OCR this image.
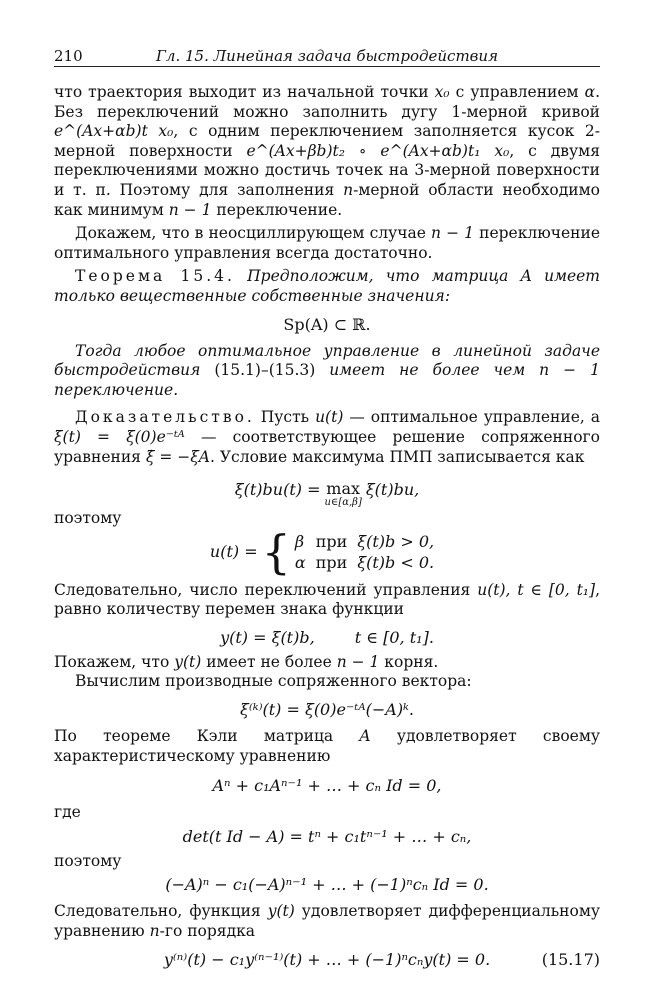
210	Гл. 15. Линейная задача быстродействия

что траектория выходит из начальной точки x₀ с управлением α. Без переключений можно заполнить дугу 1-мерной кривой e^(Ax+αb)t x₀, с одним переключением заполняется кусок 2-мерной поверхности e^(Ax+βb)t₂ ∘ e^(Ax+αb)t₁ x₀, с двумя переключениями можно достичь точек на 3-мерной поверхности и т. п. Поэтому для заполнения n-мерной области необходимо как минимум n − 1 переключение.

Докажем, что в неосциллирующем случае n − 1 переключение оптимального управления всегда достаточно.

Теорема 15.4. Предположим, что матрица A имеет только вещественные собственные значения:

Sp(A) ⊂ ℝ.

Тогда любое оптимальное управление в линейной задаче быстродействия (15.1)–(15.3) имеет не более чем n − 1 переключение.

Доказательство. Пусть u(t) — оптимальное управление, а ξ(t) = ξ(0)e⁻ᵗᴬ — соответствующее решение сопряженного уравнения ξ̇ = −ξA. Условие максимума ПМП записывается как

ξ(t)bu(t) = max
u∈[α,β]
ξ(t)bu,

поэтому

u(t) = { β	при	ξ(t)b > 0,
α	при	ξ(t)b < 0.

Следовательно, число переключений управления u(t), t ∈ [0, t₁], равно количеству перемен знака функции

y(t) = ξ(t)b,	t ∈ [0, t₁].

Покажем, что y(t) имеет не более n − 1 корня.

Вычислим производные сопряженного вектора:

ξ⁽ᵏ⁾(t) = ξ(0)e⁻ᵗᴬ(−A)ᵏ.

По теореме Кэли матрица A удовлетворяет своему характеристическому уравнению

Aⁿ + c₁Aⁿ⁻¹ + … + cₙ Id = 0,

где

det(t Id − A) = tⁿ + c₁tⁿ⁻¹ + … + cₙ,

поэтому

(−A)ⁿ − c₁(−A)ⁿ⁻¹ + … + (−1)ⁿcₙ Id = 0.

Следовательно, функция y(t) удовлетворяет дифференциальному уравнению n-го порядка

y⁽ⁿ⁾(t) − c₁y⁽ⁿ⁻¹⁾(t) + … + (−1)ⁿcₙy(t) = 0.	(15.17)
